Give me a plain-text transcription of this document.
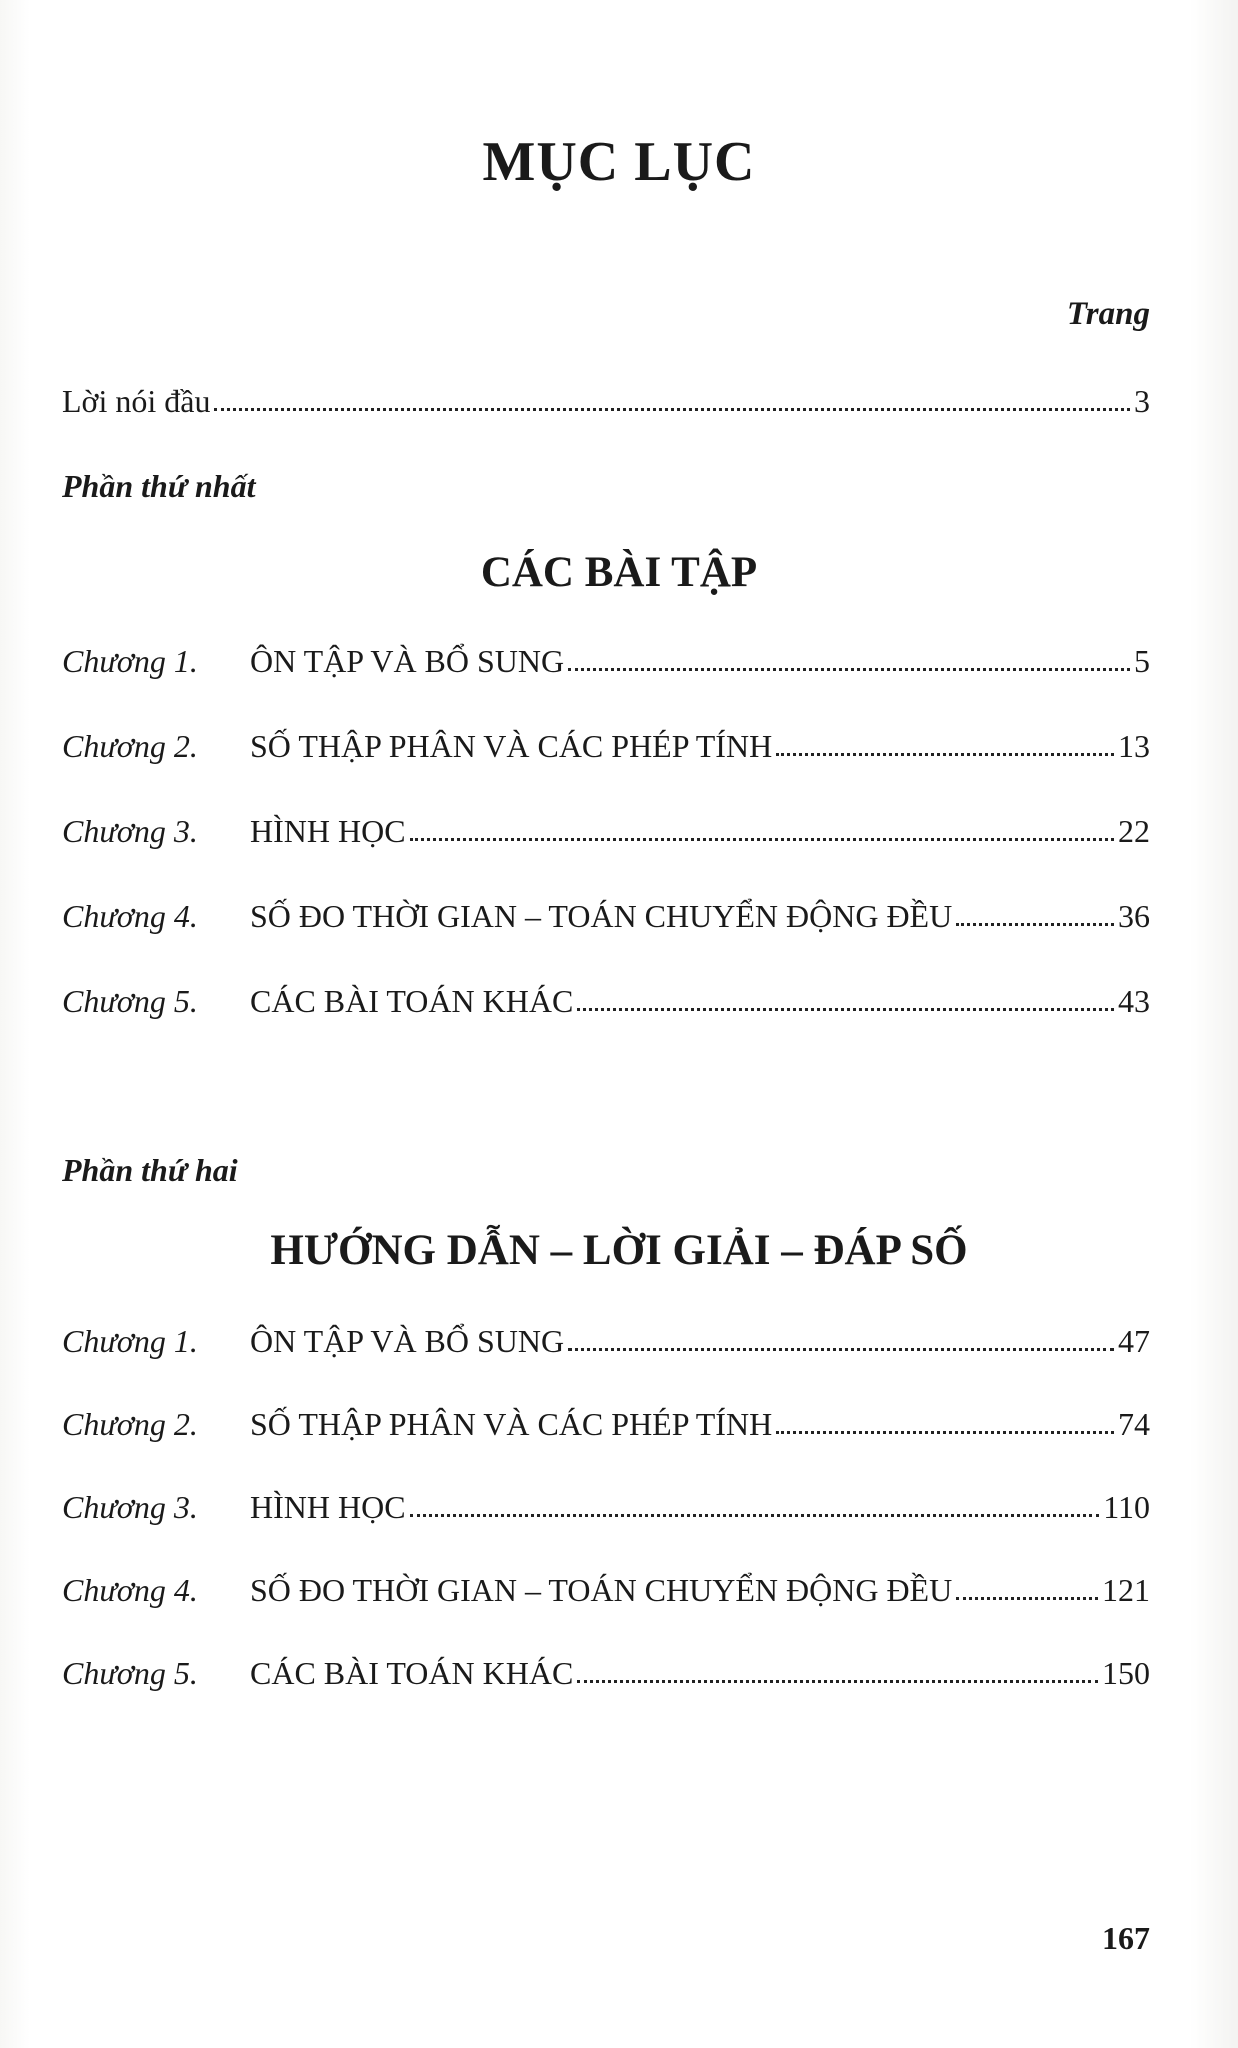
MỤC LỤC
Trang
Lời nói đầu	3
Phần thứ nhất
CÁC BÀI TẬP
Chương 1.	ÔN TẬP VÀ BỔ SUNG	5
Chương 2.	SỐ THẬP PHÂN VÀ CÁC PHÉP TÍNH	13
Chương 3.	HÌNH HỌC	22
Chương 4.	SỐ ĐO THỜI GIAN – TOÁN CHUYỂN ĐỘNG ĐỀU	36
Chương 5.	CÁC BÀI TOÁN KHÁC	43
Phần thứ hai
HƯỚNG DẪN – LỜI GIẢI – ĐÁP SỐ
Chương 1.	ÔN TẬP VÀ BỔ SUNG	47
Chương 2.	SỐ THẬP PHÂN VÀ CÁC PHÉP TÍNH	74
Chương 3.	HÌNH HỌC	110
Chương 4.	SỐ ĐO THỜI GIAN – TOÁN CHUYỂN ĐỘNG ĐỀU	121
Chương 5.	CÁC BÀI TOÁN KHÁC	150
167
